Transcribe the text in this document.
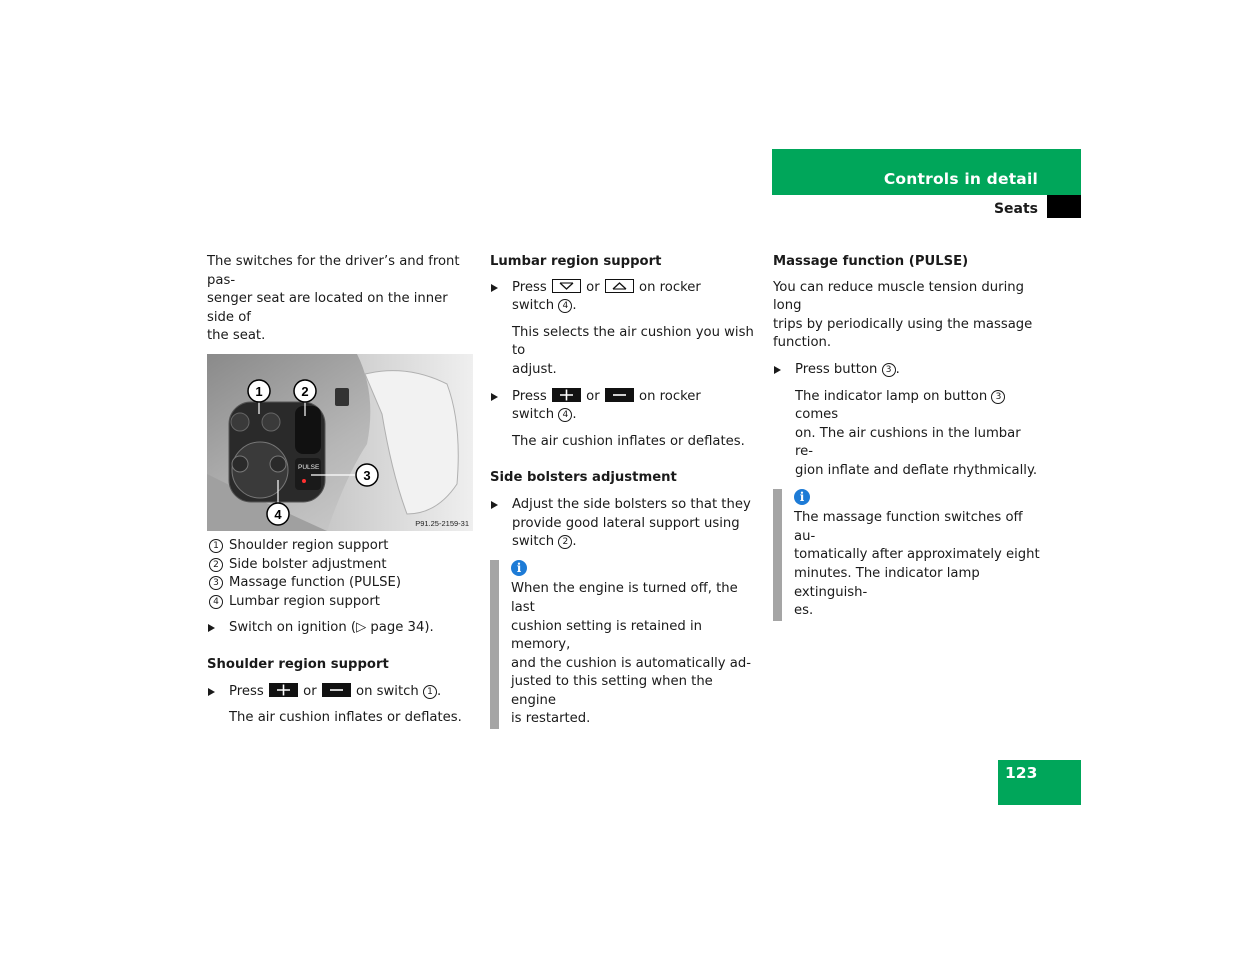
Controls in detail
Seats

The switches for the driver’s and front pas-
senger seat are located on the inner side of
the seat.

PULSE
1	2
3
4
P91.25-2159-31
1 Shoulder region support
2 Side bolster adjustment
3 Massage function (PULSE)
4 Lumbar region support
Switch on ignition (▷ page 34).

Shoulder region support

Press	or	on switch 1 .

The air cushion inflates or deflates.

Lumbar region support

Press	or	on rocker
switch 4 .

This selects the air cushion you wish to
adjust.

Press	or	on rocker
switch 4 .

The air cushion inflates or deflates.

Side bolsters adjustment

Adjust the side bolsters so that they
provide good lateral support using
switch 2 .
i

When the engine is turned off, the last
cushion setting is retained in memory,
and the cushion is automatically ad-
justed to this setting when the engine
is restarted.

Massage function (PULSE)

You can reduce muscle tension during long
trips by periodically using the massage
function.

Press button 3 .

The indicator lamp on button 3 comes
on. The air cushions in the lumbar re-
gion inflate and deflate rhythmically.

i

The massage function switches off au-
tomatically after approximately eight
minutes. The indicator lamp extinguish-
es.

123
